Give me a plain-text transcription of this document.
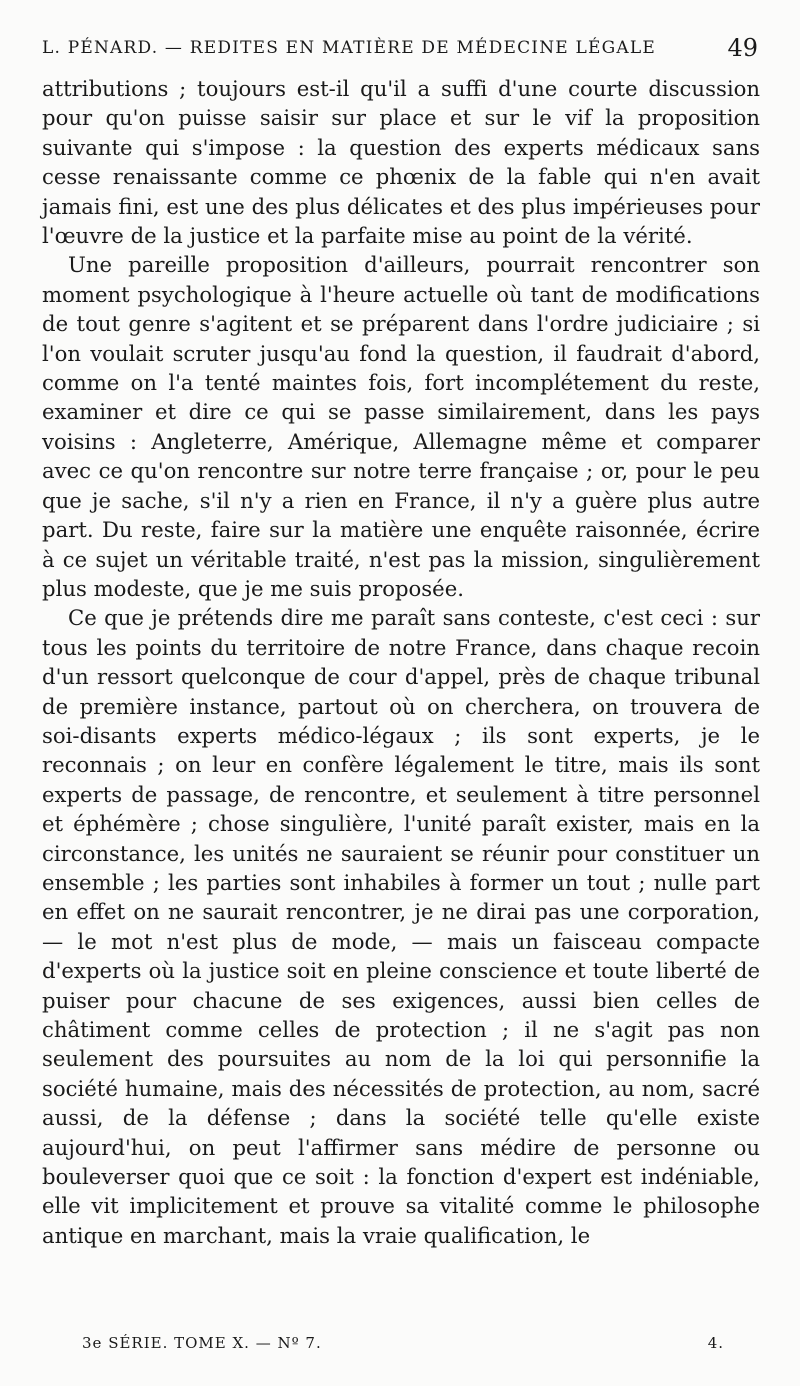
L. PÉNARD. — REDITES EN MATIÈRE DE MÉDECINE LÉGALE	49

attributions ; toujours est-il qu'il a suffi d'une courte discussion pour qu'on puisse saisir sur place et sur le vif la proposition suivante qui s'impose : la question des experts médicaux sans cesse renaissante comme ce phœnix de la fable qui n'en avait jamais fini, est une des plus délicates et des plus impérieuses pour l'œuvre de la justice et la parfaite mise au point de la vérité.

Une pareille proposition d'ailleurs, pourrait rencontrer son moment psychologique à l'heure actuelle où tant de modifications de tout genre s'agitent et se préparent dans l'ordre judiciaire ; si l'on voulait scruter jusqu'au fond la question, il faudrait d'abord, comme on l'a tenté maintes fois, fort incomplétement du reste, examiner et dire ce qui se passe similairement, dans les pays voisins : Angleterre, Amérique, Allemagne même et comparer avec ce qu'on rencontre sur notre terre française ; or, pour le peu que je sache, s'il n'y a rien en France, il n'y a guère plus autre part. Du reste, faire sur la matière une enquête raisonnée, écrire à ce sujet un véritable traité, n'est pas la mission, singulièrement plus modeste, que je me suis proposée.

Ce que je prétends dire me paraît sans conteste, c'est ceci : sur tous les points du territoire de notre France, dans chaque recoin d'un ressort quelconque de cour d'appel, près de chaque tribunal de première instance, partout où on cherchera, on trouvera de soi-disants experts médico-légaux ; ils sont experts, je le reconnais ; on leur en confère légalement le titre, mais ils sont experts de passage, de rencontre, et seulement à titre personnel et éphémère ; chose singulière, l'unité paraît exister, mais en la circonstance, les unités ne sauraient se réunir pour constituer un ensemble ; les parties sont inhabiles à former un tout ; nulle part en effet on ne saurait rencontrer, je ne dirai pas une corporation, — le mot n'est plus de mode, — mais un faisceau compacte d'experts où la justice soit en pleine conscience et toute liberté de puiser pour chacune de ses exigences, aussi bien celles de châtiment comme celles de protection ; il ne s'agit pas non seulement des poursuites au nom de la loi qui personnifie la société humaine, mais des nécessités de protection, au nom, sacré aussi, de la défense ; dans la société telle qu'elle existe aujourd'hui, on peut l'affirmer sans médire de personne ou bouleverser quoi que ce soit : la fonction d'expert est indéniable, elle vit implicitement et prouve sa vitalité comme le philosophe antique en marchant, mais la vraie qualification, le

3e SÉRIE. TOME X. — Nº 7.	4.
